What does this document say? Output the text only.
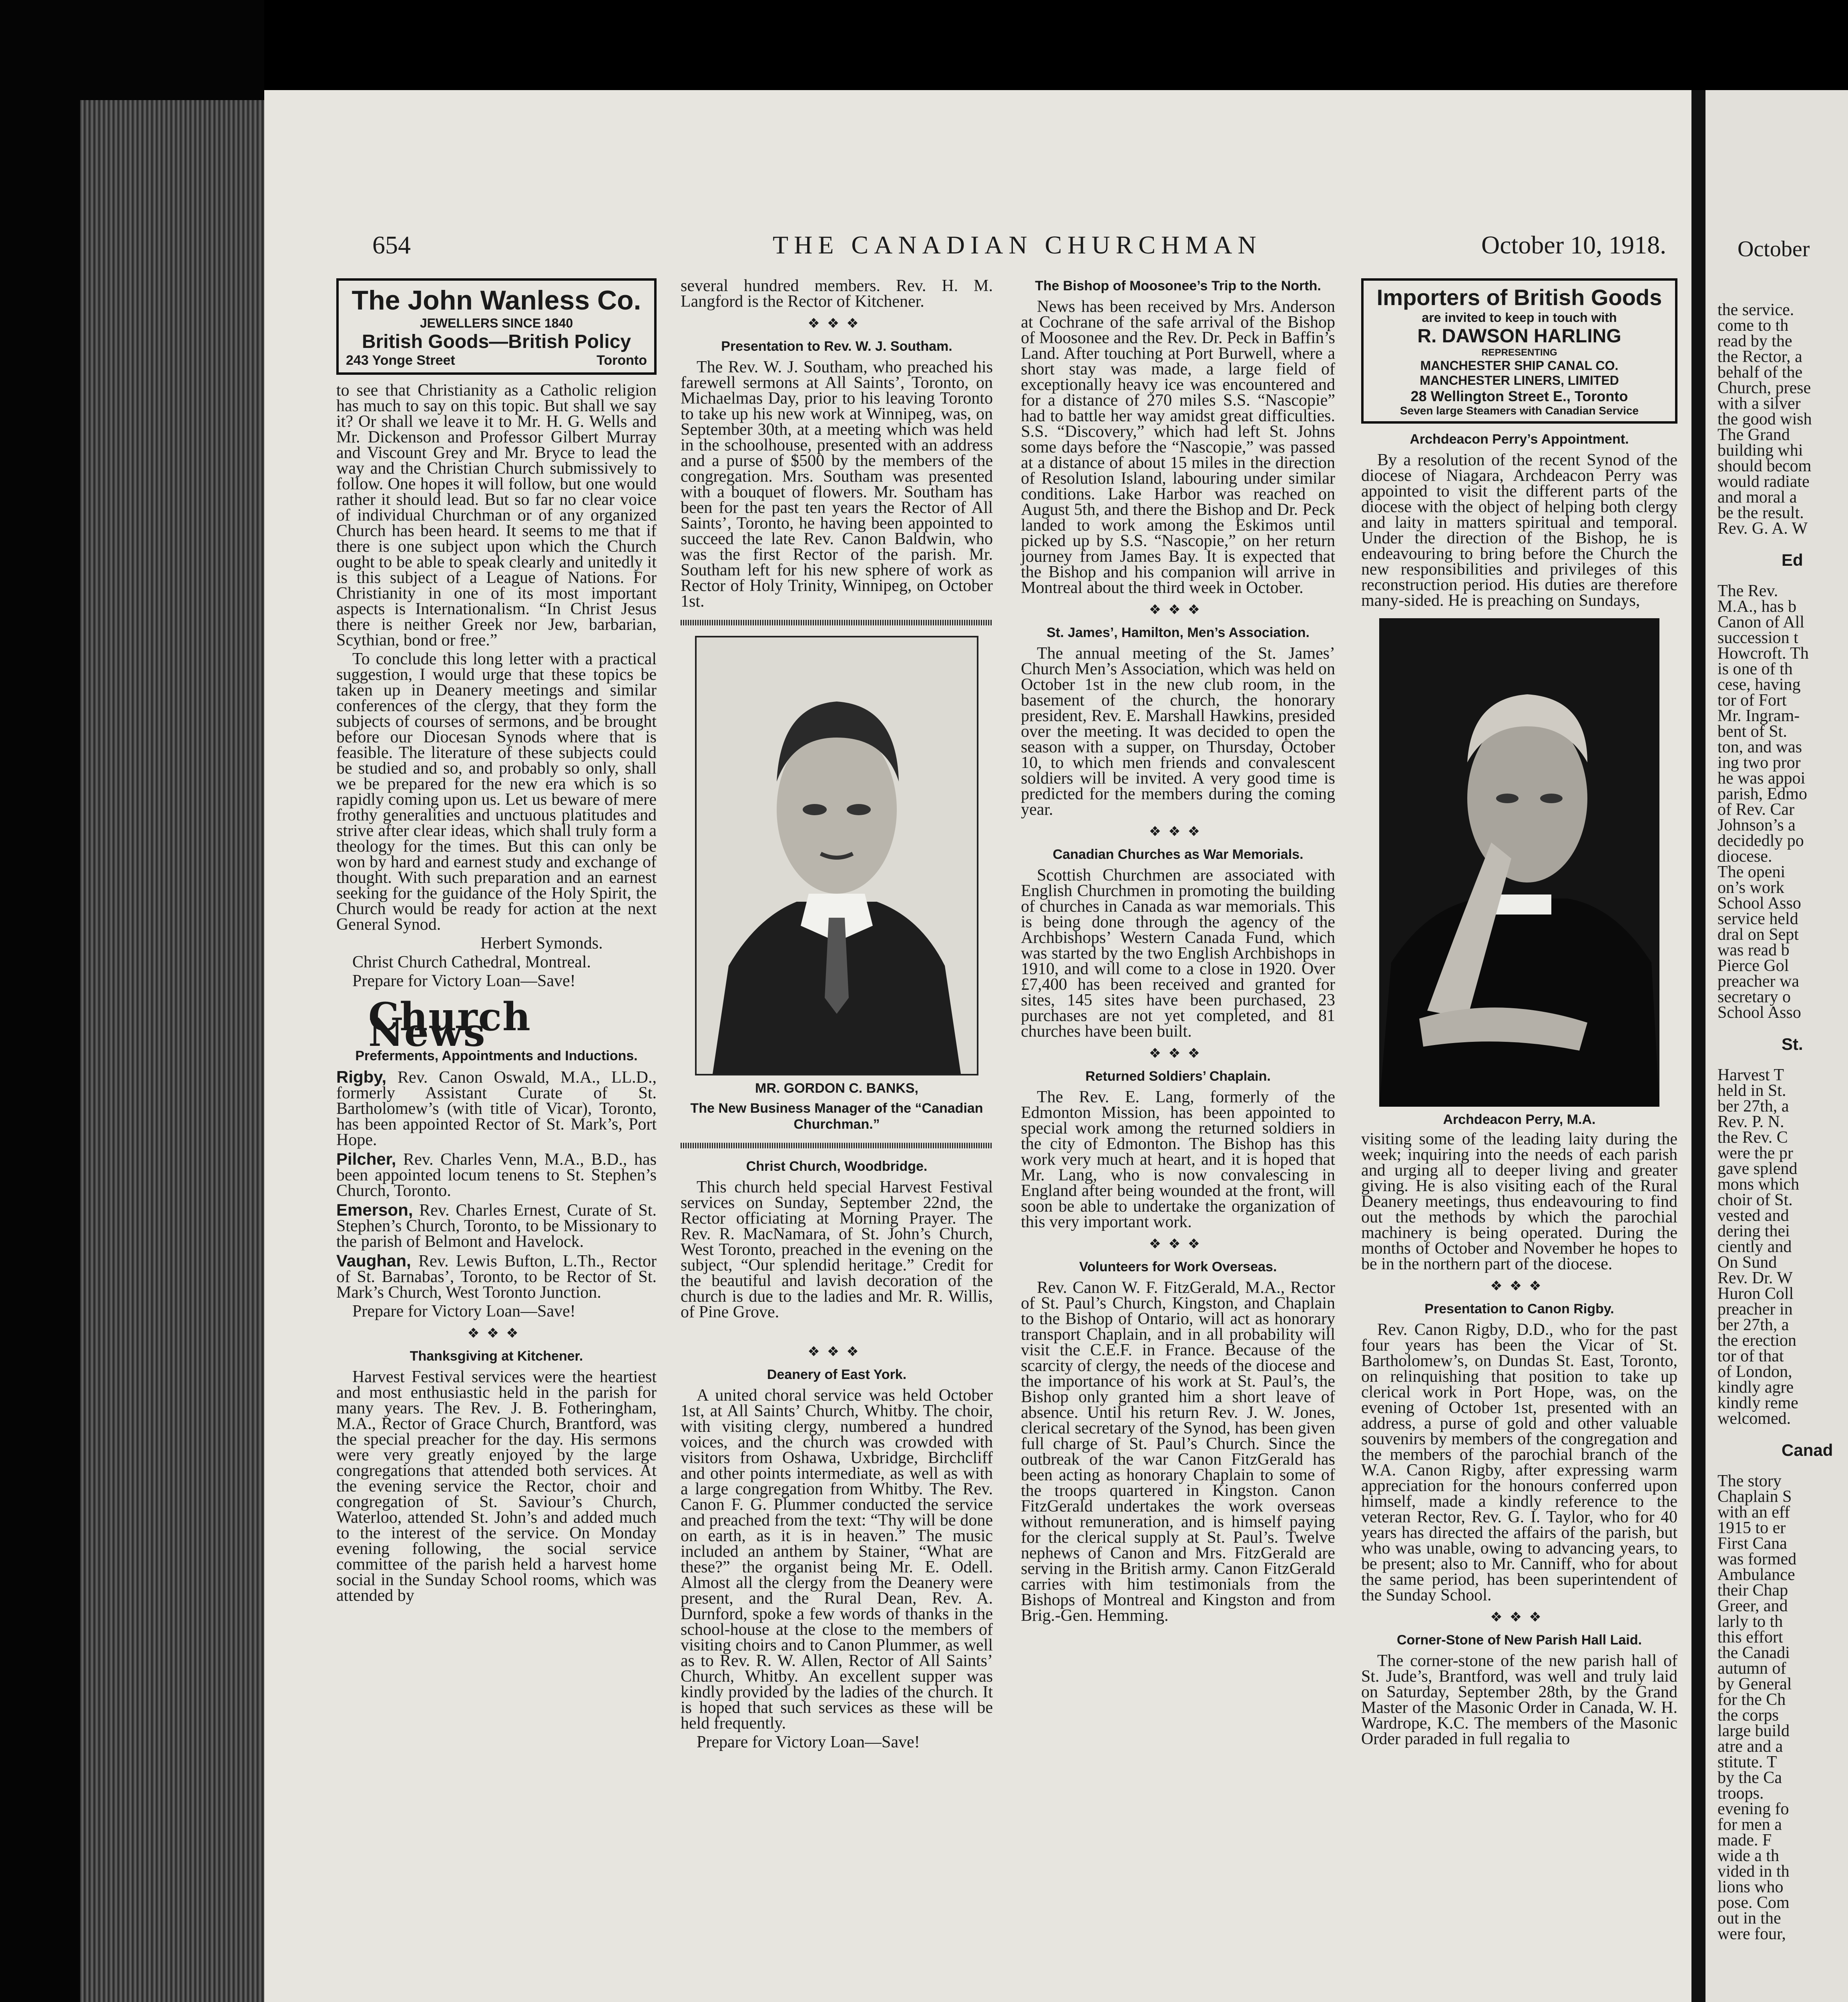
654	THE CANADIAN CHURCHMAN	October 10, 1918.
The John Wanless Co.
JEWELLERS SINCE 1840
British Goods—British Policy
243 Yonge Street	Toronto

to see that Christianity as a Catholic religion has much to say on this topic. But shall we say it? Or shall we leave it to Mr. H. G. Wells and Mr. Dickenson and Professor Gilbert Murray and Viscount Grey and Mr. Bryce to lead the way and the Christian Church submissively to follow. One hopes it will follow, but one would rather it should lead. But so far no clear voice of individual Churchman or of any organized Church has been heard. It seems to me that if there is one subject upon which the Church ought to be able to speak clearly and unitedly it is this subject of a League of Nations. For Christianity in one of its most important aspects is Internationalism. “In Christ Jesus there is neither Greek nor Jew, barbarian, Scythian, bond or free.”

To conclude this long letter with a practical suggestion, I would urge that these topics be taken up in Deanery meetings and similar conferences of the clergy, that they form the subjects of courses of sermons, and be brought before our Diocesan Synods where that is feasible. The literature of these subjects could be studied and so, and probably so only, shall we be prepared for the new era which is so rapidly coming upon us. Let us beware of mere frothy generalities and unctuous platitudes and strive after clear ideas, which shall truly form a theology for the times. But this can only be won by hard and earnest study and exchange of thought. With such preparation and an earnest seeking for the guidance of the Holy Spirit, the Church would be ready for action at the next General Synod.

Herbert Symonds.

Christ Church Cathedral, Montreal.

Prepare for Victory Loan—Save!

Church News
Preferments, Appointments and Inductions.

Rigby, Rev. Canon Oswald, M.A., LL.D., formerly Assistant Curate of St. Bartholomew’s (with title of Vicar), Toronto, has been appointed Rector of St. Mark’s, Port Hope.

Pilcher, Rev. Charles Venn, M.A., B.D., has been appointed locum tenens to St. Stephen’s Church, Toronto.

Emerson, Rev. Charles Ernest, Curate of St. Stephen’s Church, Toronto, to be Missionary to the parish of Belmont and Havelock.

Vaughan, Rev. Lewis Bufton, L.Th., Rector of St. Barnabas’, Toronto, to be Rector of St. Mark’s Church, West Toronto Junction.

Prepare for Victory Loan—Save!

❖❖❖
Thanksgiving at Kitchener.

Harvest Festival services were the heartiest and most enthusiastic held in the parish for many years. The Rev. J. B. Fotheringham, M.A., Rector of Grace Church, Brantford, was the special preacher for the day. His sermons were very greatly enjoyed by the large congregations that attended both services. At the evening service the Rector, choir and congregation of St. Saviour’s Church, Waterloo, attended St. John’s and added much to the interest of the service. On Monday evening following, the social service committee of the parish held a harvest home social in the Sunday School rooms, which was attended by

several hundred members. Rev. H. M. Langford is the Rector of Kitchener.

❖❖❖
Presentation to Rev. W. J. Southam.

The Rev. W. J. Southam, who preached his farewell sermons at All Saints’, Toronto, on Michaelmas Day, prior to his leaving Toronto to take up his new work at Winnipeg, was, on September 30th, at a meeting which was held in the schoolhouse, presented with an address and a purse of $500 by the members of the congregation. Mrs. Southam was presented with a bouquet of flowers. Mr. Southam has been for the past ten years the Rector of All Saints’, Toronto, he having been appointed to succeed the late Rev. Canon Baldwin, who was the first Rector of the parish. Mr. Southam left for his new sphere of work as Rector of Holy Trinity, Winnipeg, on October 1st.

MR. GORDON C. BANKS,
The New Business Manager of the “Canadian Churchman.”
Christ Church, Woodbridge.

This church held special Harvest Festival services on Sunday, September 22nd, the Rector officiating at Morning Prayer. The Rev. R. MacNamara, of St. John’s Church, West Toronto, preached in the evening on the subject, “Our splendid heritage.” Credit for the beautiful and lavish decoration of the church is due to the ladies and Mr. R. Willis, of Pine Grove.

❖❖❖
Deanery of East York.

A united choral service was held October 1st, at All Saints’ Church, Whitby. The choir, with visiting clergy, numbered a hundred voices, and the church was crowded with visitors from Oshawa, Uxbridge, Birchcliff and other points intermediate, as well as with a large congregation from Whitby. The Rev. Canon F. G. Plummer conducted the service and preached from the text: “Thy will be done on earth, as it is in heaven.” The music included an anthem by Stainer, “What are these?” the organist being Mr. E. Odell. Almost all the clergy from the Deanery were present, and the Rural Dean, Rev. A. Durnford, spoke a few words of thanks in the school-house at the close to the members of visiting choirs and to Canon Plummer, as well as to Rev. R. W. Allen, Rector of All Saints’ Church, Whitby. An excellent supper was kindly provided by the ladies of the church. It is hoped that such services as these will be held frequently.

Prepare for Victory Loan—Save!

The Bishop of Moosonee’s Trip to the North.

News has been received by Mrs. Anderson at Cochrane of the safe arrival of the Bishop of Moosonee and the Rev. Dr. Peck in Baffin’s Land. After touching at Port Burwell, where a short stay was made, a large field of exceptionally heavy ice was encountered and for a distance of 270 miles S.S. “Nascopie” had to battle her way amidst great difficulties. S.S. “Discovery,” which had left St. Johns some days before the “Nascopie,” was passed at a distance of about 15 miles in the direction of Resolution Island, labouring under similar conditions. Lake Harbor was reached on August 5th, and there the Bishop and Dr. Peck landed to work among the Eskimos until picked up by S.S. “Nascopie,” on her return journey from James Bay. It is expected that the Bishop and his companion will arrive in Montreal about the third week in October.

❖❖❖
St. James’, Hamilton, Men’s Association.

The annual meeting of the St. James’ Church Men’s Association, which was held on October 1st in the new club room, in the basement of the church, the honorary president, Rev. E. Marshall Hawkins, presided over the meeting. It was decided to open the season with a supper, on Thursday, October 10, to which men friends and convalescent soldiers will be invited. A very good time is predicted for the members during the coming year.

❖❖❖
Canadian Churches as War Memorials.

Scottish Churchmen are associated with English Churchmen in promoting the building of churches in Canada as war memorials. This is being done through the agency of the Archbishops’ Western Canada Fund, which was started by the two English Archbishops in 1910, and will come to a close in 1920. Over £7,400 has been received and granted for sites, 145 sites have been purchased, 23 purchases are not yet completed, and 81 churches have been built.

❖❖❖
Returned Soldiers’ Chaplain.

The Rev. E. Lang, formerly of the Edmonton Mission, has been appointed to special work among the returned soldiers in the city of Edmonton. The Bishop has this work very much at heart, and it is hoped that Mr. Lang, who is now convalescing in England after being wounded at the front, will soon be able to undertake the organization of this very important work.

❖❖❖
Volunteers for Work Overseas.

Rev. Canon W. F. FitzGerald, M.A., Rector of St. Paul’s Church, Kingston, and Chaplain to the Bishop of Ontario, will act as honorary transport Chaplain, and in all probability will visit the C.E.F. in France. Because of the scarcity of clergy, the needs of the diocese and the importance of his work at St. Paul’s, the Bishop only granted him a short leave of absence. Until his return Rev. J. W. Jones, clerical secretary of the Synod, has been given full charge of St. Paul’s Church. Since the outbreak of the war Canon FitzGerald has been acting as honorary Chaplain to some of the troops quartered in Kingston. Canon FitzGerald undertakes the work overseas without remuneration, and is himself paying for the clerical supply at St. Paul’s. Twelve nephews of Canon and Mrs. FitzGerald are serving in the British army. Canon FitzGerald carries with him testimonials from the Bishops of Montreal and Kingston and from Brig.-Gen. Hemming.

Importers of British Goods
are invited to keep in touch with
R. DAWSON HARLING
REPRESENTING
MANCHESTER SHIP CANAL CO.
MANCHESTER LINERS, LIMITED
28 Wellington Street E., Toronto
Seven large Steamers with Canadian Service
Archdeacon Perry’s Appointment.

By a resolution of the recent Synod of the diocese of Niagara, Archdeacon Perry was appointed to visit the different parts of the diocese with the object of helping both clergy and laity in matters spiritual and temporal. Under the direction of the Bishop, he is endeavouring to bring before the Church the new responsibilities and privileges of this reconstruction period. His duties are therefore many-sided. He is preaching on Sundays,

Archdeacon Perry, M.A.

visiting some of the leading laity during the week; inquiring into the needs of each parish and urging all to deeper living and greater giving. He is also visiting each of the Rural Deanery meetings, thus endeavouring to find out the methods by which the parochial machinery is being operated. During the months of October and November he hopes to be in the northern part of the diocese.

❖❖❖
Presentation to Canon Rigby.

Rev. Canon Rigby, D.D., who for the past four years has been the Vicar of St. Bartholomew’s, on Dundas St. East, Toronto, on relinquishing that position to take up clerical work in Port Hope, was, on the evening of October 1st, presented with an address, a purse of gold and other valuable souvenirs by members of the congregation and the members of the parochial branch of the W.A. Canon Rigby, after expressing warm appreciation for the honours conferred upon himself, made a kindly reference to the veteran Rector, Rev. G. I. Taylor, who for 40 years has directed the affairs of the parish, but who was unable, owing to advancing years, to be present; also to Mr. Canniff, who for about the same period, has been superintendent of the Sunday School.

❖❖❖
Corner-Stone of New Parish Hall Laid.

The corner-stone of the new parish hall of St. Jude’s, Brantford, was well and truly laid on Saturday, September 28th, by the Grand Master of the Masonic Order in Canada, W. H. Wardrope, K.C. The members of the Masonic Order paraded in full regalia to

October
the service.
come to th
read by the
the Rector, a
behalf of the
Church, prese
with a silver
the good wish
The Grand
building whi
should becom
would radiate
and moral a
be the result.
Rev. G. A. W

Ed

The Rev.
M.A., has b
Canon of All
succession t
Howcroft. Th
is one of th
cese, having
tor of Fort
Mr. Ingram-
bent of St.
ton, and was
ing two pror
he was appoi
parish, Edmo
of Rev. Car
Johnson’s a
decidedly po
diocese.
The openi
on’s work
School Asso
service held
dral on Sept
was read b
Pierce Gol
preacher wa
secretary o
School Asso

St.

Harvest T
held in St.
ber 27th, a
Rev. P. N.
the Rev. C
were the pr
gave splend
mons which
choir of St.
vested and
dering thei
ciently and
On Sund
Rev. Dr. W
Huron Coll
preacher in
ber 27th, a
the erection
tor of that
of London,
kindly agre
kindly reme
welcomed.

Canad

The story
Chaplain S
with an eff
1915 to er
First Cana
was formed
Ambulance
their Chap
Greer, and
larly to th
this effort
the Canadi
autumn of
by General
for the Ch
the corps
large build
atre and a
stitute. T
by the Ca
troops.
evening fo
for men a
made. F
wide a th
vided in th
lions who
pose. Com
out in the
were four,
